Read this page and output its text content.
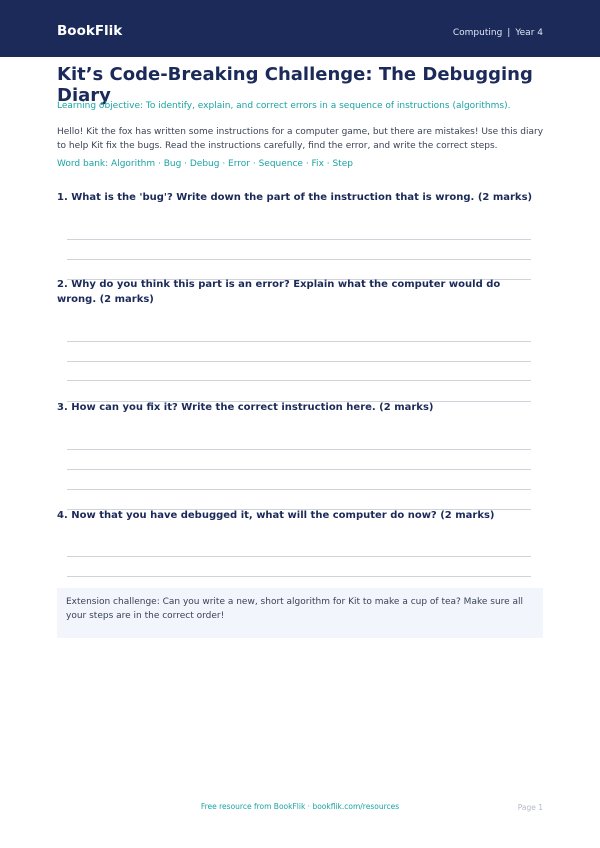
BookFlik	Computing | Year 4
Kit’s Code-Breaking Challenge: The Debugging Diary
Learning objective: To identify, explain, and correct errors in a sequence of instructions (algorithms).
Hello! Kit the fox has written some instructions for a computer game, but there are mistakes! Use this diary to help Kit fix the bugs. Read the instructions carefully, find the error, and write the correct steps.
Word bank: Algorithm · Bug · Debug · Error · Sequence · Fix · Step
1. What is the 'bug'? Write down the part of the instruction that is wrong. (2 marks)
2. Why do you think this part is an error? Explain what the computer would do wrong. (2 marks)
3. How can you fix it? Write the correct instruction here. (2 marks)
4. Now that you have debugged it, what will the computer do now? (2 marks)
Extension challenge: Can you write a new, short algorithm for Kit to make a cup of tea? Make sure all your steps are in the correct order!
Free resource from BookFlik · bookflik.com/resources	Page 1
